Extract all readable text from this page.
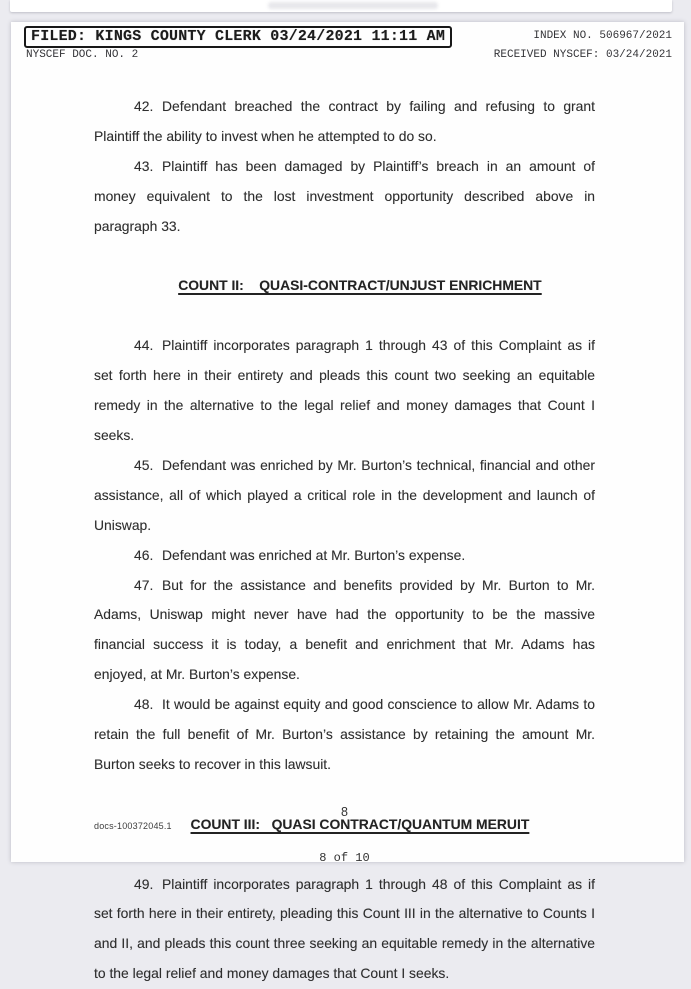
FILED: KINGS COUNTY CLERK 03/24/2021 11:11 AM	INDEX NO. 506967/2021
NYSCEF DOC. NO. 2	RECEIVED NYSCEF: 03/24/2021
42. Defendant breached the contract by failing and refusing to grant Plaintiff the ability to invest when he attempted to do so.
43. Plaintiff has been damaged by Plaintiff’s breach in an amount of money equivalent to the lost investment opportunity described above in paragraph 33.

COUNT II:    QUASI-CONTRACT/UNJUST ENRICHMENT

44. Plaintiff incorporates paragraph 1 through 43 of this Complaint as if set forth here in their entirety and pleads this count two seeking an equitable remedy in the alternative to the legal relief and money damages that Count I seeks.
45. Defendant was enriched by Mr. Burton’s technical, financial and other assistance, all of which played a critical role in the development and launch of Uniswap.
46. Defendant was enriched at Mr. Burton’s expense.
47. But for the assistance and benefits provided by Mr. Burton to Mr. Adams, Uniswap might never have had the opportunity to be the massive financial success it is today, a benefit and enrichment that Mr. Adams has enjoyed, at Mr. Burton’s expense.
48. It would be against equity and good conscience to allow Mr. Adams to retain the full benefit of Mr. Burton’s assistance by retaining the amount Mr. Burton seeks to recover in this lawsuit.

COUNT III:   QUASI CONTRACT/QUANTUM MERUIT

49. Plaintiff incorporates paragraph 1 through 48 of this Complaint as if set forth here in their entirety, pleading this Count III in the alternative to Counts I and II, and pleads this count three seeking an equitable remedy in the alternative to the legal relief and money damages that Count I seeks.
8
docs-100372045.1
8 of 10
